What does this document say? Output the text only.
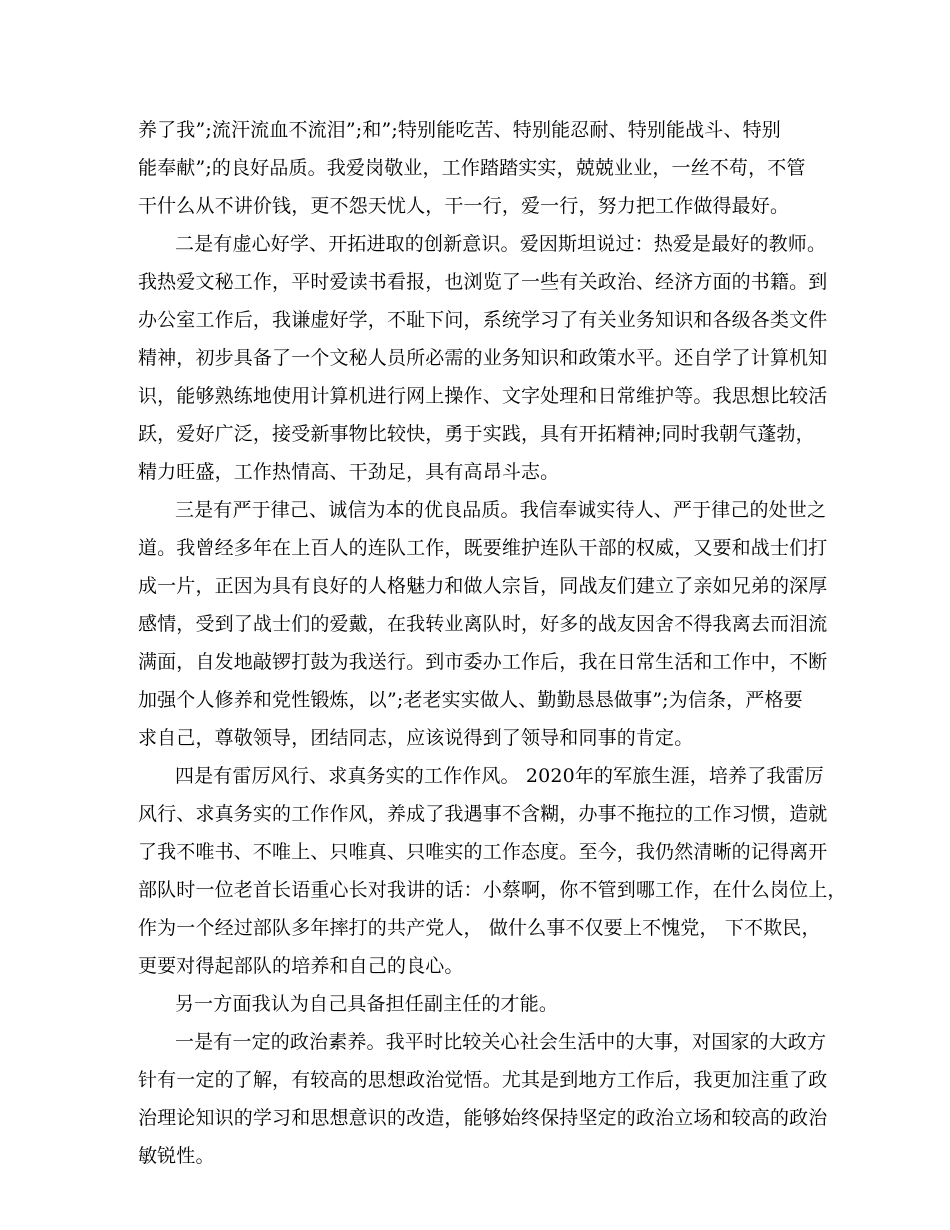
养了我”;流汗流血不流泪”;和”;特别能吃苦、特别能忍耐、特别能战斗、特别
能奉献”;的良好品质。我爱岗敬业，工作踏踏实实，兢兢业业，一丝不苟，不管
干什么从不讲价钱，更不怨天忧人，干一行，爱一行，努力把工作做得最好。
二是有虚心好学、开拓进取的创新意识。爱因斯坦说过：热爱是最好的教师。
我热爱文秘工作，平时爱读书看报，也浏览了一些有关政治、经济方面的书籍。到
办公室工作后，我谦虚好学，不耻下问，系统学习了有关业务知识和各级各类文件
精神，初步具备了一个文秘人员所必需的业务知识和政策水平。还自学了计算机知
识，能够熟练地使用计算机进行网上操作、文字处理和日常维护等。我思想比较活
跃，爱好广泛，接受新事物比较快，勇于实践，具有开拓精神;同时我朝气蓬勃，
精力旺盛，工作热情高、干劲足，具有高昂斗志。
三是有严于律己、诚信为本的优良品质。我信奉诚实待人、严于律己的处世之
道。我曾经多年在上百人的连队工作，既要维护连队干部的权威，又要和战士们打
成一片，正因为具有良好的人格魅力和做人宗旨，同战友们建立了亲如兄弟的深厚
感情，受到了战士们的爱戴，在我转业离队时，好多的战友因舍不得我离去而泪流
满面，自发地敲锣打鼓为我送行。到市委办工作后，我在日常生活和工作中，不断
加强个人修养和党性锻炼，以”;老老实实做人、勤勤恳恳做事”;为信条，严格要
求自己，尊敬领导，团结同志，应该说得到了领导和同事的肯定。
四是有雷厉风行、求真务实的工作作风。 2020年的军旅生涯，培养了我雷厉
风行、求真务实的工作作风，养成了我遇事不含糊，办事不拖拉的工作习惯，造就
了我不唯书、不唯上、只唯真、只唯实的工作态度。至今，我仍然清晰的记得离开
部队时一位老首长语重心长对我讲的话：小蔡啊，你不管到哪工作，在什么岗位上，
作为一个经过部队多年摔打的共产党人， 做什么事不仅要上不愧党， 下不欺民，
更要对得起部队的培养和自己的良心。
另一方面我认为自己具备担任副主任的才能。
一是有一定的政治素养。我平时比较关心社会生活中的大事，对国家的大政方
针有一定的了解，有较高的思想政治觉悟。尤其是到地方工作后，我更加注重了政
治理论知识的学习和思想意识的改造，能够始终保持坚定的政治立场和较高的政治
敏锐性。
